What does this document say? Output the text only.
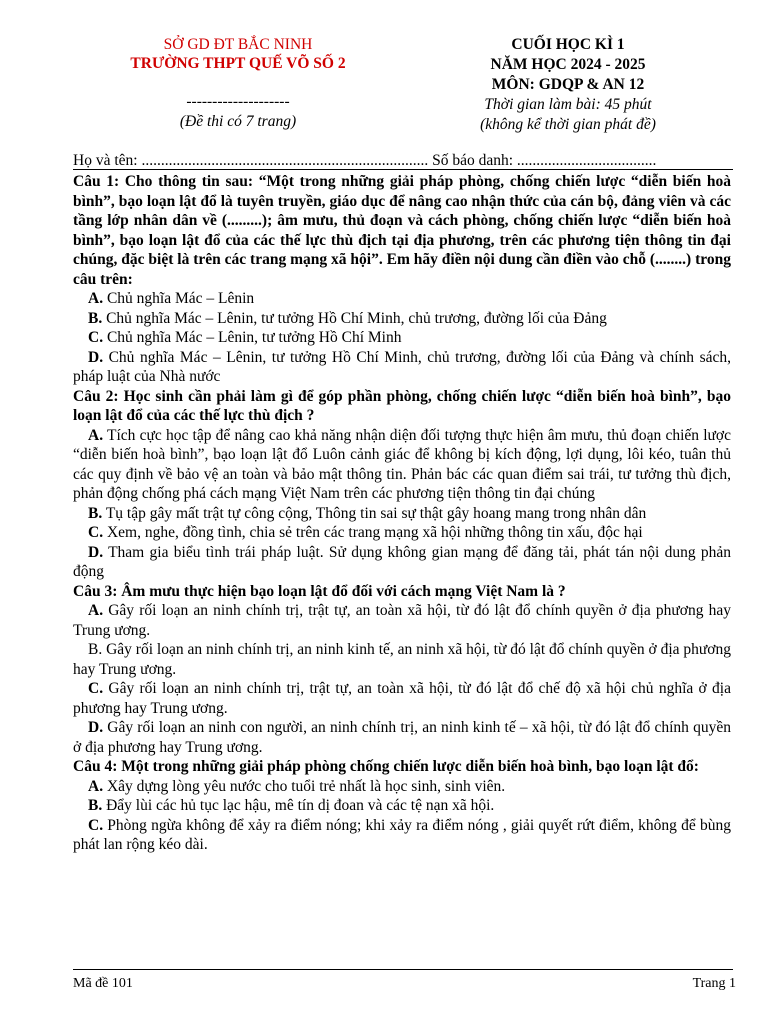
SỞ GD ĐT BẮC NINH
TRƯỜNG THPT QUẾ VÕ SỐ 2
--------------------
(Đề thi có 7 trang)
CUỐI HỌC KÌ 1
NĂM HỌC 2024 - 2025
MÔN: GDQP & AN 12
Thời gian làm bài: 45 phút
(không kể thời gian phát đề)
Họ và tên: .......................................................................... Số báo danh: ....................................

Câu 1: Cho thông tin sau: “Một trong những giải pháp phòng, chống chiến lược “diễn biến hoà bình”, bạo loạn lật đổ là tuyên truyền, giáo dục để nâng cao nhận thức của cán bộ, đảng viên và các tầng lớp nhân dân về (.........); âm mưu, thủ đoạn và cách phòng, chống chiến lược “diễn biến hoà bình”, bạo loạn lật đổ của các thế lực thù địch tại địa phương, trên các phương tiện thông tin đại chúng, đặc biệt là trên các trang mạng xã hội”. Em hãy điền nội dung cần điền vào chỗ (........) trong câu trên:

A. Chủ nghĩa Mác – Lênin

B. Chủ nghĩa Mác – Lênin, tư tưởng Hồ Chí Minh, chủ trương, đường lối của Đảng

C. Chủ nghĩa Mác – Lênin, tư tưởng Hồ Chí Minh

D. Chủ nghĩa Mác – Lênin, tư tưởng Hồ Chí Minh, chủ trương, đường lối của Đảng và chính sách, pháp luật của Nhà nước

Câu 2: Học sinh cần phải làm gì để góp phần phòng, chống chiến lược “diễn biến hoà bình”, bạo loạn lật đổ của các thế lực thù địch ?

A. Tích cực học tập để nâng cao khả năng nhận diện đối tượng thực hiện âm mưu, thủ đoạn chiến lược “diễn biến hoà bình”, bạo loạn lật đổ Luôn cảnh giác để không bị kích động, lợi dụng, lôi kéo, tuân thủ các quy định về bảo vệ an toàn và bảo mật thông tin. Phản bác các quan điểm sai trái, tư tưởng thù địch, phản động chống phá cách mạng Việt Nam trên các phương tiện thông tin đại chúng

B. Tụ tập gây mất trật tự công cộng, Thông tin sai sự thật gây hoang mang trong nhân dân

C. Xem, nghe, đồng tình, chia sẻ trên các trang mạng xã hội những thông tin xấu, độc hại

D. Tham gia biểu tình trái pháp luật. Sử dụng không gian mạng để đăng tải, phát tán nội dung phản động

Câu 3: Âm mưu thực hiện bạo loạn lật đổ đối với cách mạng Việt Nam là ?

A. Gây rối loạn an ninh chính trị, trật tự, an toàn xã hội, từ đó lật đổ chính quyền ở địa phương hay Trung ương.

B. Gây rối loạn an ninh chính trị, an ninh kinh tế, an ninh xã hội, từ đó lật đổ chính quyền ở địa phương hay Trung ương.

C. Gây rối loạn an ninh chính trị, trật tự, an toàn xã hội, từ đó lật đổ chế độ xã hội chủ nghĩa ở địa phương hay Trung ương.

D. Gây rối loạn an ninh con người, an ninh chính trị, an ninh kinh tế – xã hội, từ đó lật đổ chính quyền ở địa phương hay Trung ương.

Câu 4: Một trong những giải pháp phòng chống chiến lược diễn biến hoà bình, bạo loạn lật đổ:

A. Xây dựng lòng yêu nước cho tuổi trẻ nhất là học sinh, sinh viên.

B. Đẩy lùi các hủ tục lạc hậu, mê tín dị đoan và các tệ nạn xã hội.

C. Phòng ngừa không để xảy ra điểm nóng; khi xảy ra điểm nóng , giải quyết rứt điểm, không để bùng phát lan rộng kéo dài.

Mã đề 101	Trang 1
